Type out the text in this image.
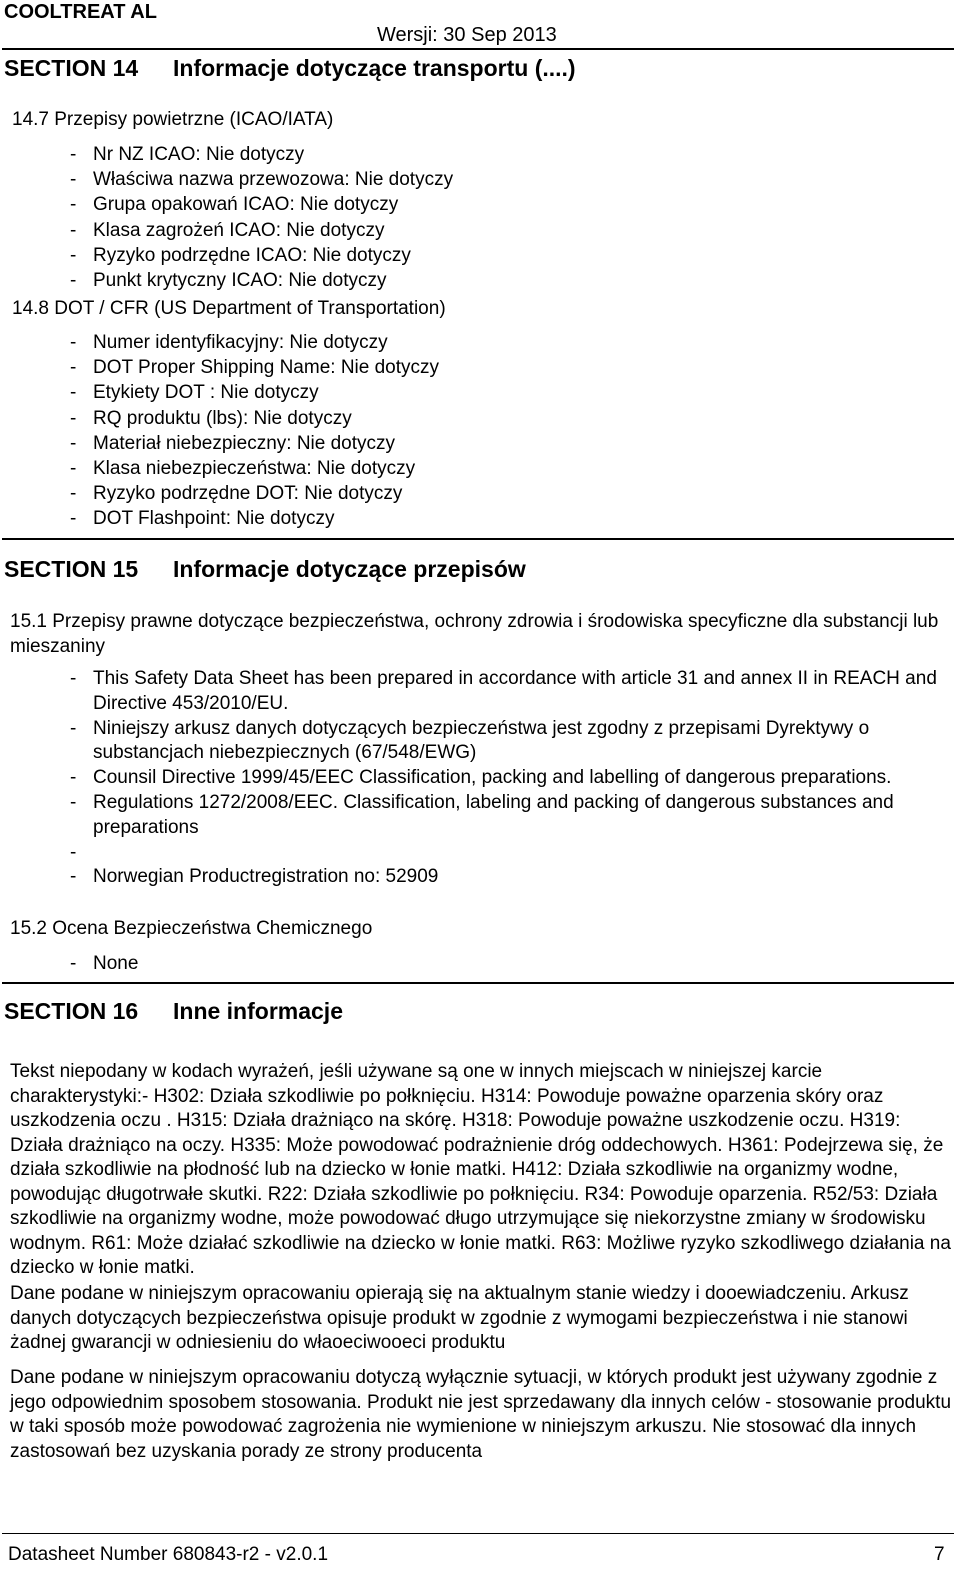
COOLTREAT AL
Wersji: 30 Sep 2013
SECTION 14 Informacje dotyczące transportu (....)
14.7 Przepisy powietrzne (ICAO/IATA)
- Nr NZ ICAO: Nie dotyczy
- Właściwa nazwa przewozowa: Nie dotyczy
- Grupa opakowań ICAO: Nie dotyczy
- Klasa zagrożeń ICAO: Nie dotyczy
- Ryzyko podrzędne ICAO: Nie dotyczy
- Punkt krytyczny ICAO: Nie dotyczy
14.8 DOT / CFR (US Department of Transportation)
- Numer identyfikacyjny: Nie dotyczy
- DOT Proper Shipping Name: Nie dotyczy
- Etykiety DOT : Nie dotyczy
- RQ produktu (lbs): Nie dotyczy
- Materiał niebezpieczny: Nie dotyczy
- Klasa niebezpieczeństwa: Nie dotyczy
- Ryzyko podrzędne DOT: Nie dotyczy
- DOT Flashpoint: Nie dotyczy
SECTION 15 Informacje dotyczące przepisów
15.1 Przepisy prawne dotyczące bezpieczeństwa, ochrony zdrowia i środowiska specyficzne dla substancji lub mieszaniny
- This Safety Data Sheet has been prepared in accordance with article 31 and annex II in REACH and Directive 453/2010/EU.
- Niniejszy arkusz danych dotyczących bezpieczeństwa jest zgodny z przepisami Dyrektywy o substancjach niebezpiecznych (67/548/EWG)
- Counsil Directive 1999/45/EEC Classification, packing and labelling of dangerous preparations.
- Regulations 1272/2008/EEC. Classification, labeling and packing of dangerous substances and preparations
-
- Norwegian Productregistration no: 52909
15.2 Ocena Bezpieczeństwa Chemicznego
- None
SECTION 16 Inne informacje

Tekst niepodany w kodach wyrażeń, jeśli używane są one w innych miejscach w niniejszej karcie charakterystyki:- H302: Działa szkodliwie po połknięciu. H314: Powoduje poważne oparzenia skóry oraz uszkodzenia oczu . H315: Działa drażniąco na skórę. H318: Powoduje poważne uszkodzenie oczu. H319: Działa drażniąco na oczy. H335: Może powodować podrażnienie dróg oddechowych. H361: Podejrzewa się, że działa szkodliwie na płodność lub na dziecko w łonie matki. H412: Działa szkodliwie na organizmy wodne, powodując długotrwałe skutki. R22: Działa szkodliwie po połknięciu. R34: Powoduje oparzenia. R52/53: Działa szkodliwie na organizmy wodne, może powodować długo utrzymujące się niekorzystne zmiany w środowisku wodnym. R61: Może działać szkodliwie na dziecko w łonie matki. R63: Możliwe ryzyko szkodliwego działania na dziecko w łonie matki.

Dane podane w niniejszym opracowaniu opierają się na aktualnym stanie wiedzy i dooewiadczeniu. Arkusz danych dotyczących bezpieczeństwa opisuje produkt w zgodnie z wymogami bezpieczeństwa i nie stanowi żadnej gwarancji w odniesieniu do właoeciwooeci produktu

Dane podane w niniejszym opracowaniu dotyczą wyłącznie sytuacji, w których produkt jest używany zgodnie z jego odpowiednim sposobem stosowania. Produkt nie jest sprzedawany dla innych celów - stosowanie produktu w taki sposób może powodować zagrożenia nie wymienione w niniejszym arkuszu. Nie stosować dla innych zastosowań bez uzyskania porady ze strony producenta

Datasheet Number 680843-r2 - v2.0.1	7
